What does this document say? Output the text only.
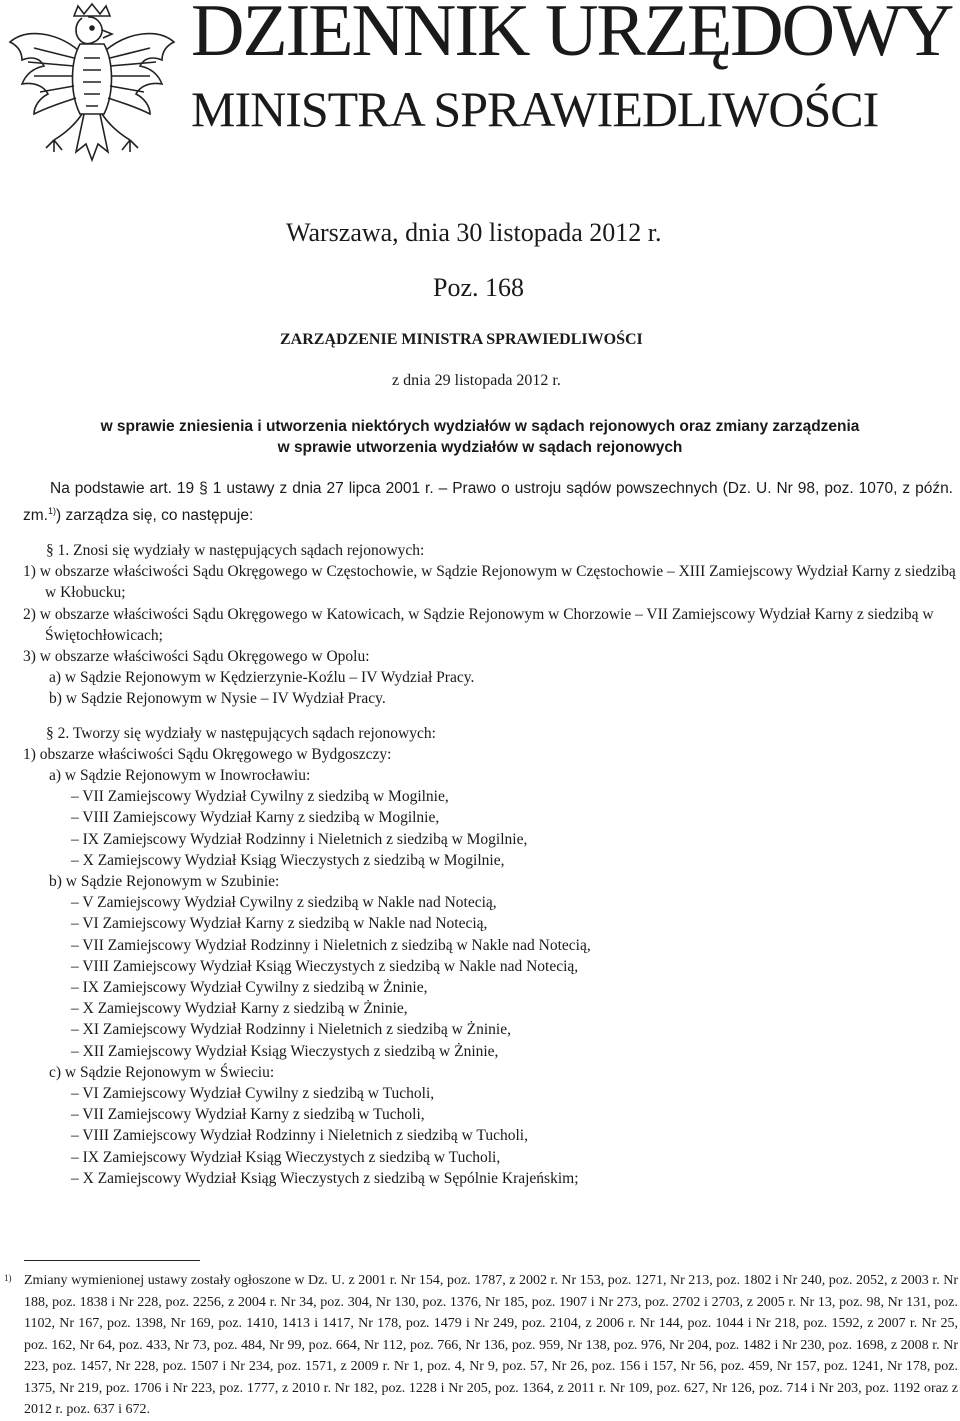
DZIENNIK URZĘDOWY
MINISTRA SPRAWIEDLIWOŚCI
Warszawa, dnia 30 listopada 2012 r.
Poz. 168
ZARZĄDZENIE MINISTRA SPRAWIEDLIWOŚCI
z dnia 29 listopada 2012 r.
w sprawie zniesienia i utworzenia niektórych wydziałów w sądach rejonowych oraz zmiany zarządzenia
w sprawie utworzenia wydziałów w sądach rejonowych
Na podstawie art. 19 § 1 ustawy z dnia 27 lipca 2001 r. – Prawo o ustroju sądów powszechnych (Dz. U. Nr 98, poz. 1070, z późn. zm.$^{1)}$) zarządza się, co następuje:

§ 1. Znosi się wydziały w następujących sądach rejonowych:

1) w obszarze właściwości Sądu Okręgowego w Częstochowie, w Sądzie Rejonowym w Częstochowie – XIII Zamiejscowy Wydział Karny z siedzibą w Kłobucku;

2) w obszarze właściwości Sądu Okręgowego w Katowicach, w Sądzie Rejonowym w Chorzowie – VII Zamiejscowy Wydział Karny z siedzibą w Świętochłowicach;

3) w obszarze właściwości Sądu Okręgowego w Opolu:

a) w Sądzie Rejonowym w Kędzierzynie-Koźlu – IV Wydział Pracy.

b) w Sądzie Rejonowym w Nysie – IV Wydział Pracy.

§ 2. Tworzy się wydziały w następujących sądach rejonowych:

1) obszarze właściwości Sądu Okręgowego w Bydgoszczy:

a) w Sądzie Rejonowym w Inowrocławiu:

– VII Zamiejscowy Wydział Cywilny z siedzibą w Mogilnie,

– VIII Zamiejscowy Wydział Karny z siedzibą w Mogilnie,

– IX Zamiejscowy Wydział Rodzinny i Nieletnich z siedzibą w Mogilnie,

– X Zamiejscowy Wydział Ksiąg Wieczystych z siedzibą w Mogilnie,

b) w Sądzie Rejonowym w Szubinie:

– V Zamiejscowy Wydział Cywilny z siedzibą w Nakle nad Notecią,

– VI Zamiejscowy Wydział Karny z siedzibą w Nakle nad Notecią,

– VII Zamiejscowy Wydział Rodzinny i Nieletnich z siedzibą w Nakle nad Notecią,

– VIII Zamiejscowy Wydział Ksiąg Wieczystych z siedzibą w Nakle nad Notecią,

– IX Zamiejscowy Wydział Cywilny z siedzibą w Żninie,

– X Zamiejscowy Wydział Karny z siedzibą w Żninie,

– XI Zamiejscowy Wydział Rodzinny i Nieletnich z siedzibą w Żninie,

– XII Zamiejscowy Wydział Ksiąg Wieczystych z siedzibą w Żninie,

c) w Sądzie Rejonowym w Świeciu:

– VI Zamiejscowy Wydział Cywilny z siedzibą w Tucholi,

– VII Zamiejscowy Wydział Karny z siedzibą w Tucholi,

– VIII Zamiejscowy Wydział Rodzinny i Nieletnich z siedzibą w Tucholi,

– IX Zamiejscowy Wydział Ksiąg Wieczystych z siedzibą w Tucholi,

– X Zamiejscowy Wydział Ksiąg Wieczystych z siedzibą w Sępólnie Krajeńskim;

1) Zmiany wymienionej ustawy zostały ogłoszone w Dz. U. z 2001 r. Nr 154, poz. 1787, z 2002 r. Nr 153, poz. 1271, Nr 213, poz. 1802 i Nr 240, poz. 2052, z 2003 r. Nr 188, poz. 1838 i Nr 228, poz. 2256, z 2004 r. Nr 34, poz. 304, Nr 130, poz. 1376, Nr 185, poz. 1907 i Nr 273, poz. 2702 i 2703, z 2005 r. Nr 13, poz. 98, Nr 131, poz. 1102, Nr 167, poz. 1398, Nr 169, poz. 1410, 1413 i 1417, Nr 178, poz. 1479 i Nr 249, poz. 2104, z 2006 r. Nr 144, poz. 1044 i Nr 218, poz. 1592, z 2007 r. Nr 25, poz. 162, Nr 64, poz. 433, Nr 73, poz. 484, Nr 99, poz. 664, Nr 112, poz. 766, Nr 136, poz. 959, Nr 138, poz. 976, Nr 204, poz. 1482 i Nr 230, poz. 1698, z 2008 r. Nr 223, poz. 1457, Nr 228, poz. 1507 i Nr 234, poz. 1571, z 2009 r. Nr 1, poz. 4, Nr 9, poz. 57, Nr 26, poz. 156 i 157, Nr 56, poz. 459, Nr 157, poz. 1241, Nr 178, poz. 1375, Nr 219, poz. 1706 i Nr 223, poz. 1777, z 2010 r. Nr 182, poz. 1228 i Nr 205, poz. 1364, z 2011 r. Nr 109, poz. 627, Nr 126, poz. 714 i Nr 203, poz. 1192 oraz z 2012 r. poz. 637 i 672.
